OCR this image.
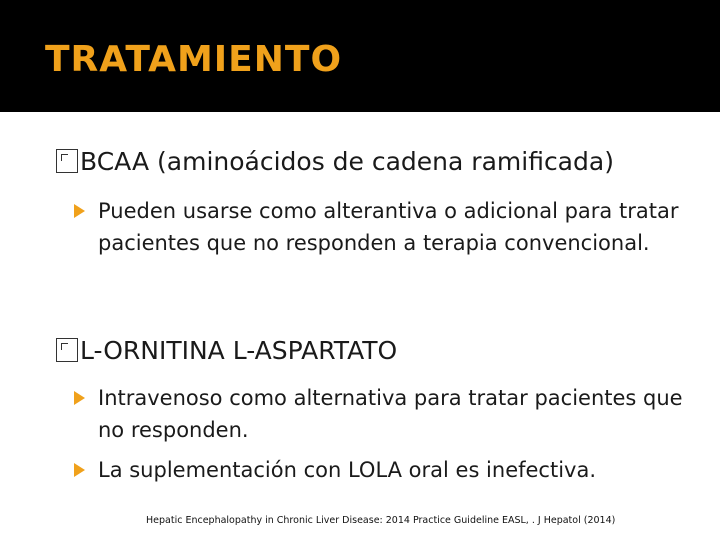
TRATAMIENTO
BCAA (aminoácidos de cadena ramificada)
Pueden usarse como alterantiva o adicional para tratar pacientes que no responden a terapia convencional.
L-ORNITINA L-ASPARTATO
Intravenoso como alternativa para tratar pacientes que no responden.
La suplementación con LOLA oral es inefectiva.
Hepatic Encephalopathy in Chronic Liver Disease: 2014 Practice Guideline EASL, . J Hepatol (2014)
